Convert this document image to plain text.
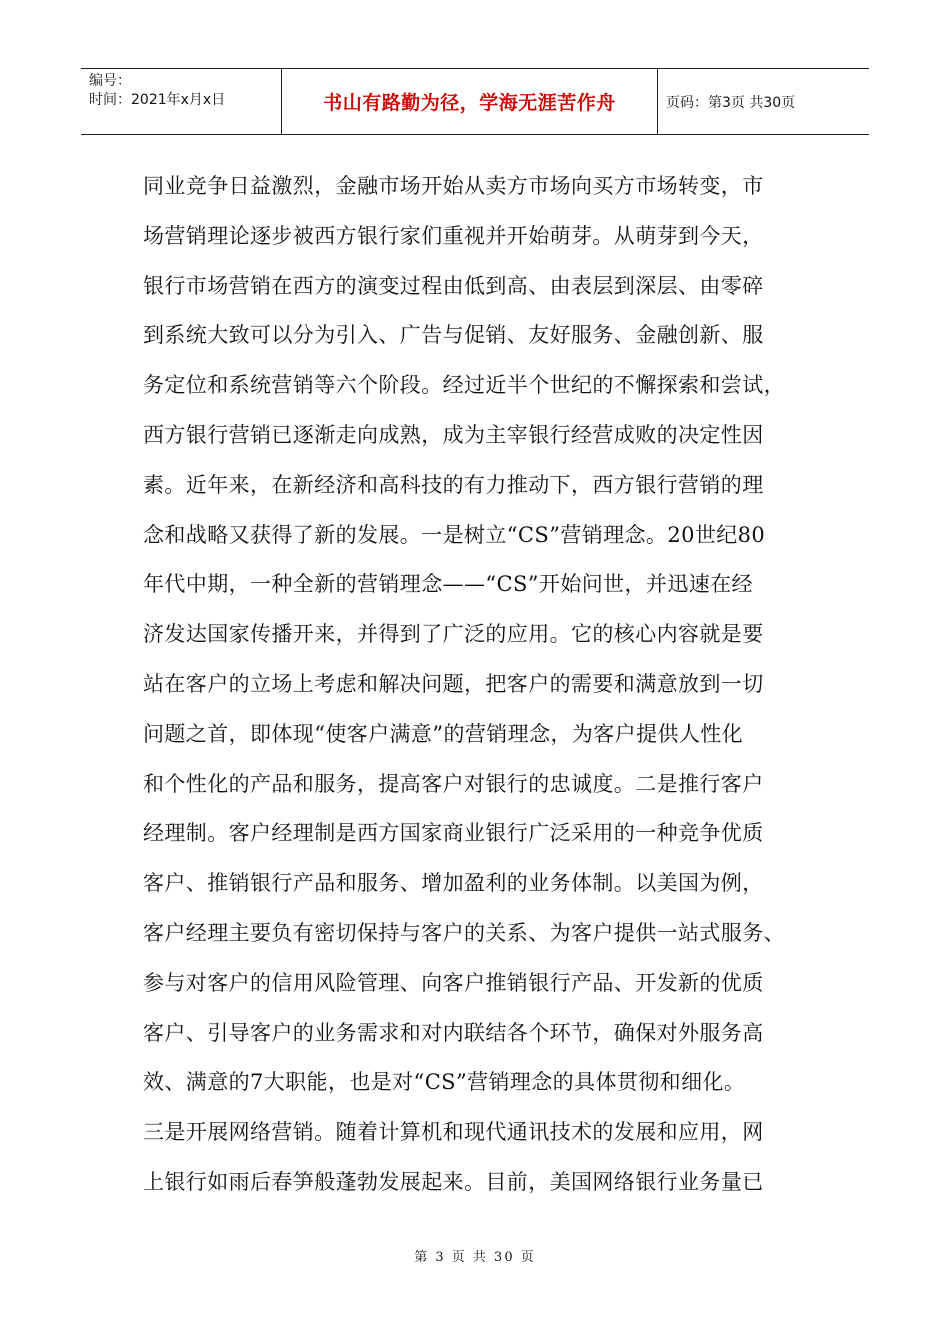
编号：
时间：2021年x月x日	书山有路勤为径，学海无涯苦作舟	页码：第3页 共30页
同业竞争日益激烈，金融市场开始从卖方市场向买方市场转变，市
场营销理论逐步被西方银行家们重视并开始萌芽。从萌芽到今天，
银行市场营销在西方的演变过程由低到高、由表层到深层、由零碎
到系统大致可以分为引入、广告与促销、友好服务、金融创新、服
务定位和系统营销等六个阶段。经过近半个世纪的不懈探索和尝试，
西方银行营销已逐渐走向成熟，成为主宰银行经营成败的决定性因
素。近年来，在新经济和高科技的有力推动下，西方银行营销的理
念和战略又获得了新的发展。一是树立“CS”营销理念。20世纪80
年代中期，一种全新的营销理念——“CS”开始问世，并迅速在经
济发达国家传播开来，并得到了广泛的应用。它的核心内容就是要
站在客户的立场上考虑和解决问题，把客户的需要和满意放到一切
问题之首，即体现“使客户满意”的营销理念，为客户提供人性化
和个性化的产品和服务，提高客户对银行的忠诚度。二是推行客户
经理制。客户经理制是西方国家商业银行广泛采用的一种竞争优质
客户、推销银行产品和服务、增加盈利的业务体制。以美国为例，
客户经理主要负有密切保持与客户的关系、为客户提供一站式服务、
参与对客户的信用风险管理、向客户推销银行产品、开发新的优质
客户、引导客户的业务需求和对内联结各个环节，确保对外服务高
效、满意的7大职能，也是对“CS”营销理念的具体贯彻和细化。
三是开展网络营销。随着计算机和现代通讯技术的发展和应用，网
上银行如雨后春笋般蓬勃发展起来。目前，美国网络银行业务量已
第 3 页 共 30 页
